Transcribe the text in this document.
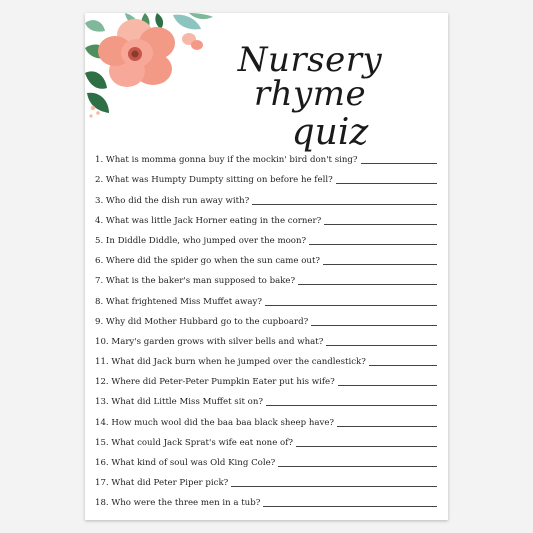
Nursery rhyme
quiz
1. What is momma gonna buy if the mockin' bird don't sing?
2. What was Humpty Dumpty sitting on before he fell?
3. Who did the dish run away with?
4. What was little Jack Horner eating in the corner?
5. In Diddle Diddle, who jumped over the moon?
6. Where did the spider go when the sun came out?
7. What is the baker's man supposed to bake?
8. What frightened Miss Muffet away?
9. Why did Mother Hubbard go to the cupboard?
10. Mary's garden grows with silver bells and what?
11. What did Jack burn when he jumped over the candlestick?
12. Where did Peter-Peter Pumpkin Eater put his wife?
13. What did Little Miss Muffet sit on?
14. How much wool did the baa baa black sheep have?
15. What could Jack Sprat's wife eat none of?
16. What kind of soul was Old King Cole?
17. What did Peter Piper pick?
18. Who were the three men in a tub?
